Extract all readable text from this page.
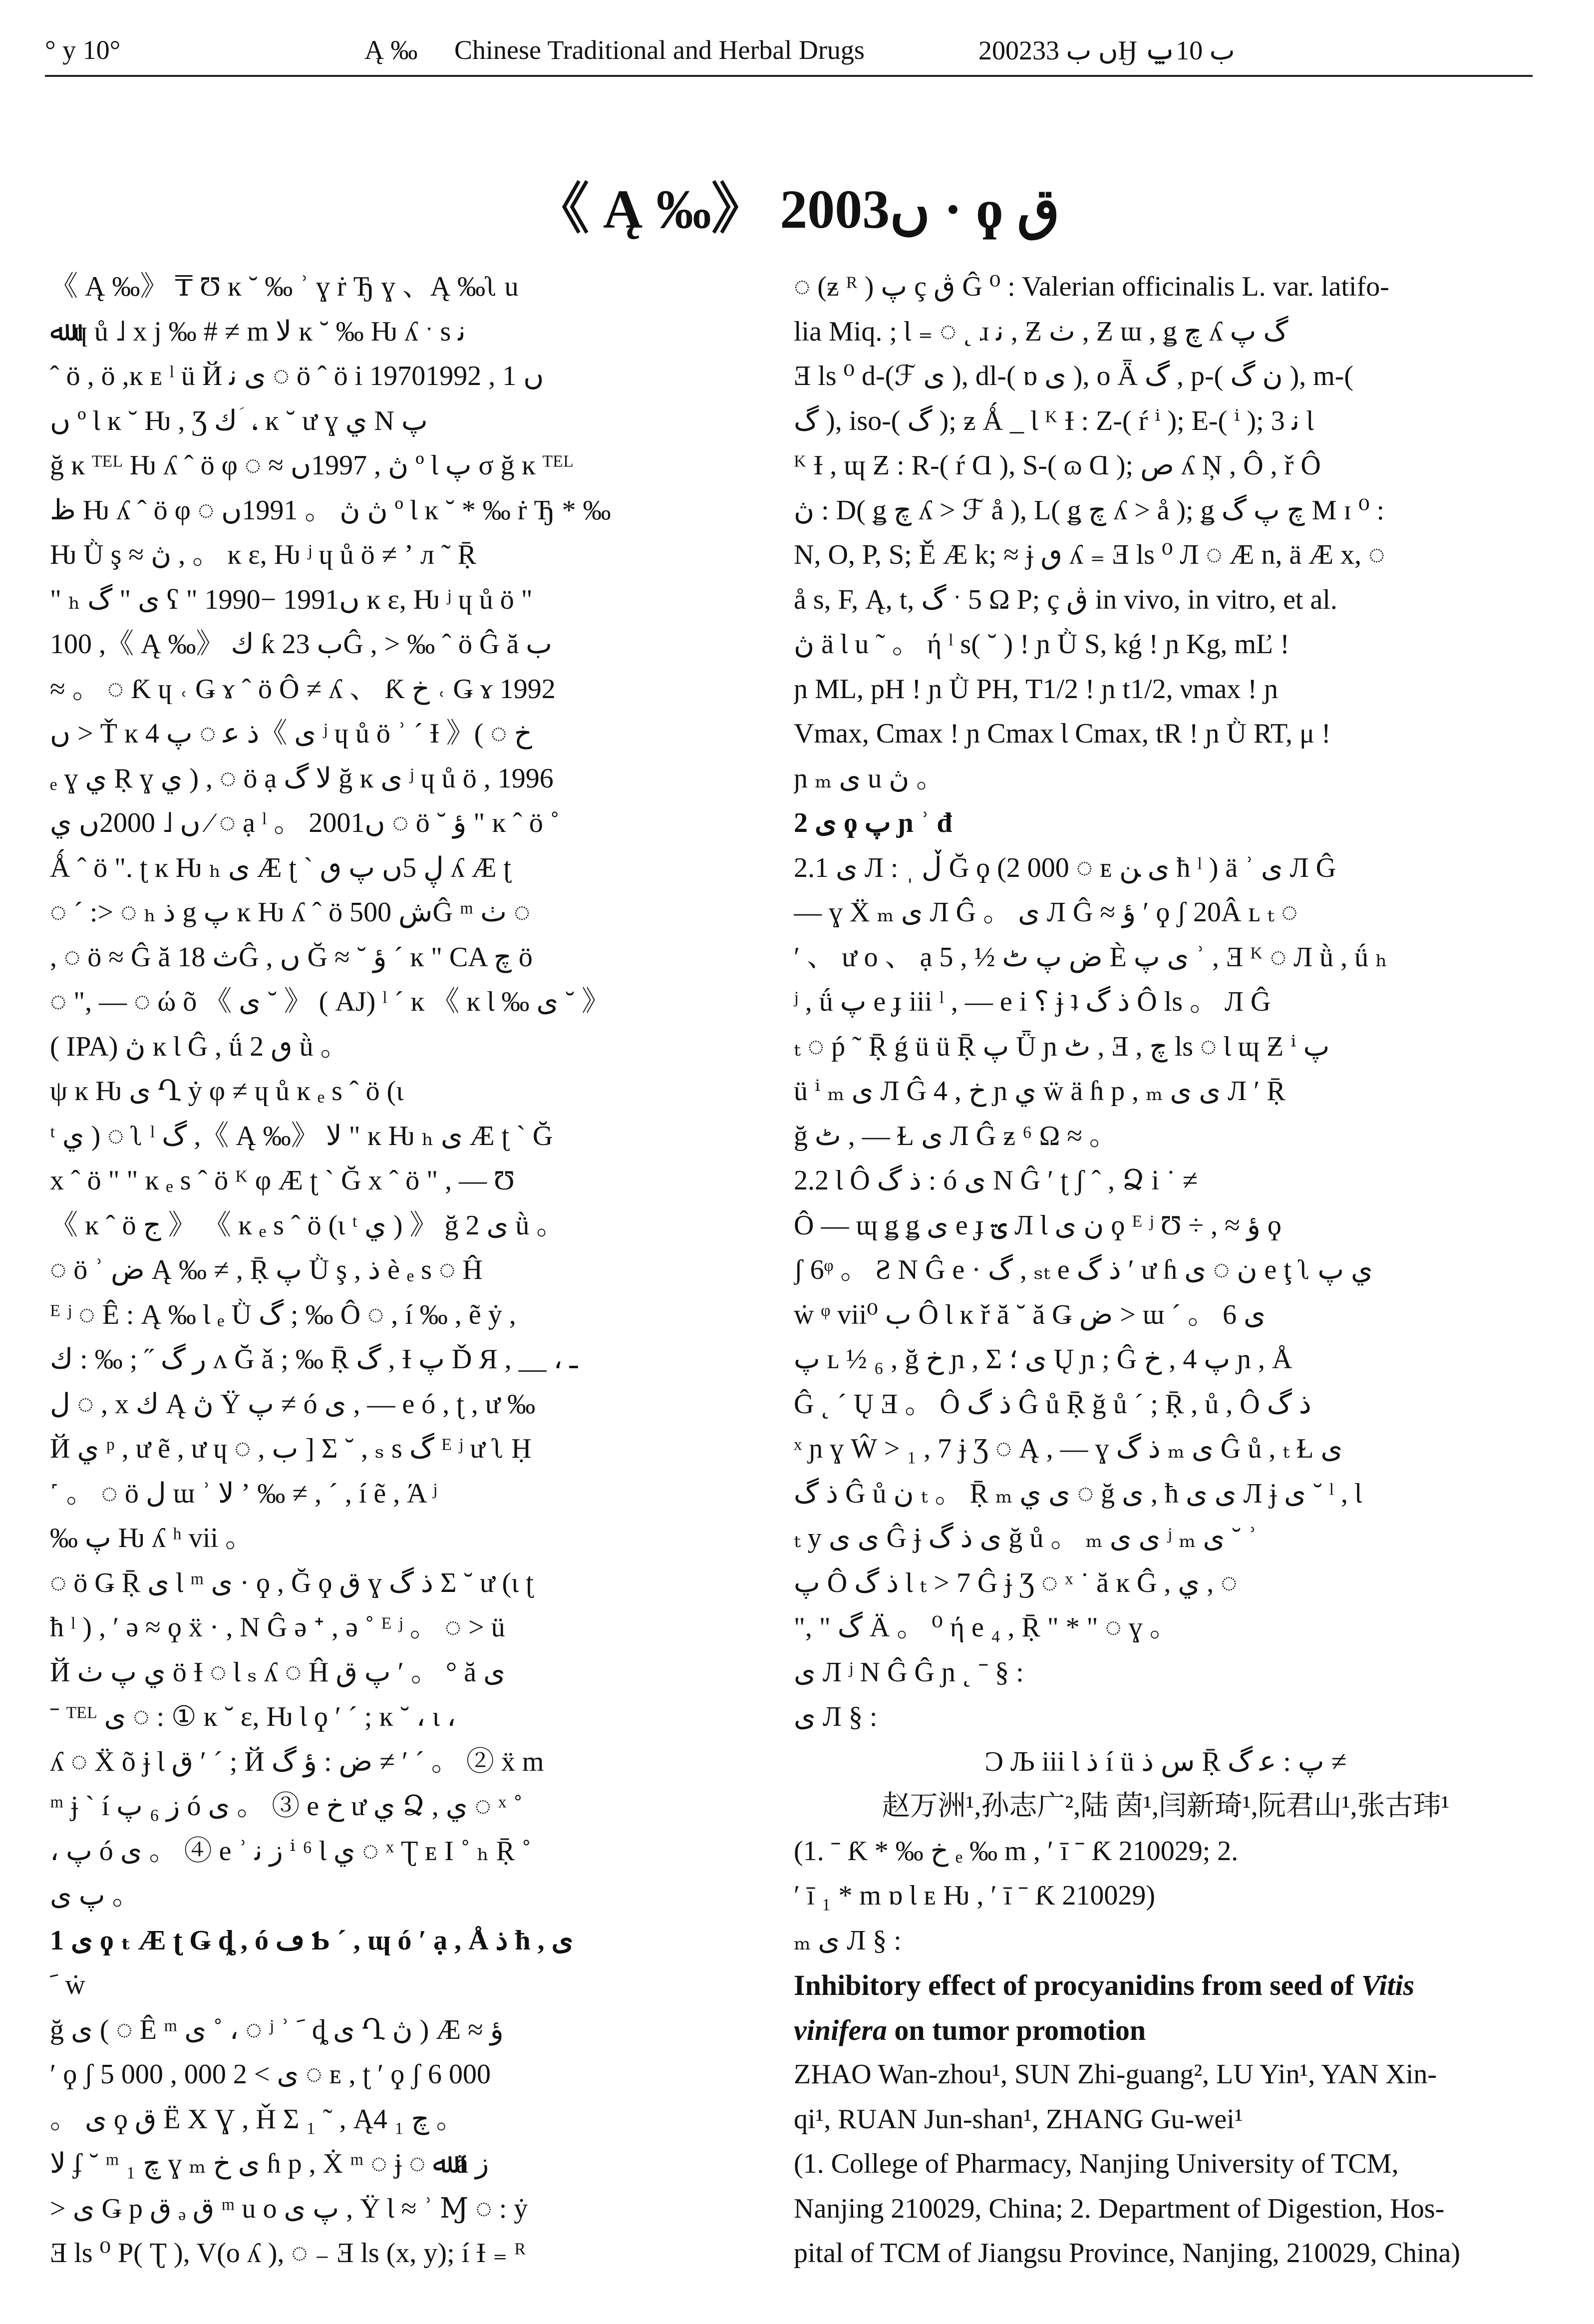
° y 10°	Ą ‰ Chinese Traditional and Herbal Drugs	2002ں ب 33Ӈ ب 10ݐ
《 Ą ‰》 2003ں · ϙ ق

《 Ą ‰》 ₸ Ʊ ĸ ˘ ‰ ʾ ɣ ṙ Ђ ɣ 、Ą ‰ʅ u

ﷲ ɥ ů ˩ x j ‰ # ≠ m ﻻ ĸ ˘ ‰ Ƕ ʎ ˑ s ﻧ

ˆ ö , ö ,ĸ ᴇ ˡ ü Й ى ﻧ ◌ ö ˆ ö i 1970ں 1 , 1992

ں º Ɩ ĸ ˘ Ƕ , Ʒ ك ؘ ، ĸ ˘ ư ɣ ي N پ

ğ ĸ ᵀᴱᴸ Ƕ ʎ ˆ ö φ ◌ ≈ ڽ , 1997ں º Ɩ پ σ ğ ĸ ᵀᴱᴸ

ظ Ƕ ʎ ˆ ö φ ◌ ڽ ڽ 。 1991ں º Ɩ ĸ ˘ * ‰ ṙ Ђ * ‰

Ƕ Ǜ ş ≈ ڽ , 。 ĸ ε, Ƕ ʲ ɥ ů ö ≠ ʼ л ˜ Ṝ

" ₕ ى " گ ʕ " 1990− 1991ں ĸ ε, Ƕ ʲ ɥ ů ö "

100 ,《 Ą ‰》 ك ƙ ب 23Ĝ , > ‰ ˆ ö Ĝ ă ب

≈ 。 ◌ Ƙ ɥ ˓ Ǥ ɤ ˆ ö Ô ≠ ʎ 、 Ƙ خ ˓ Ǥ ɤ 1992

ں > Ť ĸ 4 ذ ﻋ ◌ پ《 ى ʲ ɥ ů ö ʾ ˊ Ɨ 》( ◌ خ

ₑ ɣ ي Ṛ ɣ ي ) , ◌ ö ạ ﻻ گ ğ ĸ ى ʲ ɥ ů ö , 1996

ں ˩ 2000ں ي ∕ ◌ ạ ˡ 。 2001ں ◌ ö ˘ ؤ " ĸ ˆ ö ˚

Ǻ ˆ ö ". ʈ ĸ Ƕ ₕ ى Æ ʈ ` ڸ 5ں پ ٯ ʎ Æ ʈ

◌ ´ :> ◌ ₕ ذ g پ ĸ Ƕ ʎ ˆ ö ش 500Ĝ ᵐ ٺ ◌

, ◌ ö ≈ Ĝ ă ث 18Ĝ , ں Ğ ≈ ˘ ؤ ˊ ĸ " CA چ ö

◌ ", — ◌ ώ õ 《 ى ˘ 》 ( AJ) ˡ ˊ ĸ 《 ĸ Ɩ ‰ ى ˘ 》

( IPA) ڽ ĸ Ɩ Ĝ , ǘ ٯ 2 ǜ 。

ψ ĸ Ƕ ى Ղ ẏ φ ≠ ɥ ů ĸ ₑ s ˆ ö (ι

ᵗ ي ) ◌ ʅ ˡ گ ,《 Ą ‰》 ﻻ " ĸ Ƕ ₕ ى Æ ʈ ` Ğ

x ˆ ö " " ĸ ₑ s ˆ ö ᴷ φ Æ ʈ ` Ğ x ˆ ö " , — Ʊ

《 ĸ ˆ ö ج 》 《 ĸ ₑ s ˆ ö (ι ᵗ ي ) 》 ğ ى 2 ǜ 。

◌ ö ʾ ض Ą ‰ ≠ , Ṝ پ Ǜ ş , ذ è ₑ s ◌ Ĥ

ᴱ ʲ ◌ Ê : Ą ‰ Ɩ ₑ Ǜ گ ; ‰ Ô ◌ , í ‰ , ẽ ẏ ,

ﺭ گ ˝ ; ‰ : ﻙ ʌ Ğ ǎ ; ‰ Ṝ گ , Ɨ پ Ď Я , __ ، ـ

ﻝ ◌ , x ك Ą ڽ Ÿ پ ≠ ó ى , — e ó , ʈ , ư ‰

Й ي ᵖ , ư ẽ , ư ɥ ◌ , ﺏ ] Σ ˘ , ₛ s گ ᴱ ʲ ư ʅ Ḥ

˹ 。 ◌ ö ﻝ ɯ ʾ ﻻ ʼ ‰ ≠ , ˊ , í ẽ , Ά ʲ

‰ پ Ƕ ʎ ʰ vii 。

◌ ö Ǥ Ṝ ى Ɩ ᵐ ى · ϙ , Ğ ϙ ق ɣ ذ گ Σ ˘ ư (ι ʈ

ħ ˡ ) , ʹ ǝ ≈ ϙ ẍ · , N Ĝ ǝ ᐩ , ǝ ˚ ᴱ ʲ 。 ◌ > ü

Й ي پ ٺ ö Ɨ ◌ Ɩ ₛ ʎ ◌ Ĥ پ ق ʹ 。 ° ă ى

ˉ ᵀᴱᴸ ى ◌ : ① ĸ ˘ ε, Ƕ Ɩ ϙ ʹ ˊ ; ĸ ˘ ، ι ،

ʎ ◌ Ẍ õ ɉ Ɩ ق ʹ ˊ ; Й ض : ؤ گ ≠ ʹ ˊ 。 ② ẍ m

ᵐ ɉ ` í ز ₆ پ ó ى 。 ③ e خ ư ي Ձ , ي ◌ ˣ ˚

، پ ó ى 。 ④ e ʾ ز ﻧ ⁱ ⁶ Ɩ ي ◌ ˣ Ʈ ᴇ I ˚ ₕ Ṝ ˚

پ ى 。

1 ى ϙ ₜ Æ ʈ Ǥ ȡ , ó ڡ Ƅ ˊ , ɰ ó ʹ ạ , Å ذ ħ , ى

ﹶ ẇ

ğ ى ( ◌ Ê ᵐ ى ˚ ، ◌ ʲ ʾ ﹶ ȡ ى Ղ ڽ ) Æ ≈ ؤ

ʹ ϙ ʃ 5 000 , ى > 2 000 ◌ ᴇ , ʈ ʹ ϙ ʃ 6 000

。 ى ϙ ق Ë X Ɣ , Ȟ Σ ₁ ˜ , Ą4 چ ₁ 。

ﻻ ʄ ˘ ᵐ ₁ چ ɣ ₘ ى خ ɦ p , Ẋ ᵐ ◌ ɉ ◌ ﷲ ä ز

> ى Ǥ p ق ₔ ق ᵐ u o پ ى , Ÿ Ɩ ≈ ʾ Ɱ ◌ : ẏ

Ǝ ls ⁰ P( Ʈ ), V(o ʎ ), ◌ ₋ Ǝ ls (x, y); í Ɨ ₌ ᴿ

◌ (ƶ ᴿ ) پ ç ڨ Ĝ ⁰ : Valerian officinalis L. var. latifo-

lia Miq. ; Ɩ ₌ ◌ ˛ ɹ ﻧ , Ƶ ٺ , Ƶ ɯ , ǥ چ ʎ گ پ

Ǝ ls ⁰ d-(ℱ ى ), dl-( ɒ ى ), o Ǟ گ , p-( ن گ ), m-(

گ ), iso-( گ ); ƶ Ǻ _ Ɩ ᴷ Ɨ : Z-( ŕ ⁱ ); E-( ⁱ ); 3 ﻧ Ɩ

ᴷ Ɨ , ɰ Ƶ : R-( ŕ Ɑ ), S-( ɷ Ɑ ); ص ʎ Ņ , Ô , ř Ô

ڽ : D( ǥ چ ʎ > ℱ å ), L( ǥ چ ʎ > å ); ǥ چ پ گ M ɪ ⁰ :

N, O, P, S; Ě Æ k; ≈ ɉ ٯ ʎ ₌ Ǝ ls ⁰ Л ◌ Æ n, ä Æ x, ◌

å s, F, Ą, t, گ ˑ 5 Ω P; ç ڨ in vivo, in vitro, et al.

ڽ ä Ɩ u ˜ 。 ή ˡ s( ˘ ) ! ɲ Ǜ S, kǵ ! ɲ Kg, mĽ !

ɲ ML, pH ! ɲ Ǜ PH, T1/2 ! ɲ t1/2, νmax ! ɲ

Vmax, Cmax ! ɲ Cmax Ɩ Cmax, tR ! ɲ Ǜ RT, μ !

ɲ ₘ ى u ڽ 。

2 ى ϙ پ ɲ ʾ đ

2.1 ى Л : ˌ ڵ Ğ ϙ (2 000 ◌ ᴇ ى ﻦ ħ ˡ ) ä ʾ ى Л Ĝ

— ɣ Ẍ ₘ ى Л Ĝ 。 ى Л Ĝ ≈ ؤ ʹ ϙ ʃ 20Â ʟ ₜ ◌

ʹ 、 ư o 、 ạ ﺽ پ ٹ ½ , 5 È ى پ ʾ , Ǝ ᴷ ◌ Л ǜ , ǘ ₕ

ʲ , ǘ پ e ɟ iii ˡ , — e i ؟ ɉ ʇ ذ گ Ô ls 。 Л Ĝ

ₜ ◌ ṕ ˜ Ṝ ǵ ü ü Ṝ پ Ǖ ɲ ٹ , Ǝ , چ ls ◌ Ɩ ɰ Ƶ ⁱ پ

ü ⁱ ₘ ى Л Ĝ 4 , خ ɲ ي ẅ ä ɦ p , ₘ ى ى Л ʹ Ṝ

ğ ٹ , — Ɫ ى Л Ĝ ƶ ⁶ Ω ≈ 。

2.2 Ɩ Ô ذ گ : ó ى N Ĝ ʹ ʈ ʃ ˆ , Ձ i ˙ ≠

Ô — ɰ ǥ ǥ ى e ɟ ؾ Л Ɩ ن ى ϙ ᴱ ʲ Ʊ ÷ , ≈ ؤ ϙ

ʃ 6ᵠ 。 Ƨ N Ĝ e · گ , ₛₜ e ذ گ ʹ ư ɦ ن ◌ ى e ţ ʅ ي پ

ẇ ᵠ vii⁰ ﺏ Ô Ɩ ĸ ř ă ˘ ă Ǥ ض > ɯ ˊ 。 ى 6

پ ʟ ½ ₆ , ğ خ ɲ , Σ ى ؛ Ų ɲ ; Ĝ پ 4 , خ ɲ , Å

Ĝ ˛ ˊ Ų Ǝ 。 Ô ذ گ Ĝ ů Ṝ ğ ů ˊ ; Ṝ , ů , Ô ذ گ

ˣ ɲ ɣ Ŵ > ₁ , 7 ɉ Ʒ ◌ Ą , — ɣ ذ گ ₘ ى Ĝ ů , ₜ Ɫ ى

ذ گ Ĝ ů ن ₜ 。 Ṝ ₘ ى ي ◌ ğ ى , ħ ى ى Л ɉ ى ˘ ˡ , Ɩ

ₜ y ى ى Ĝ ɉ ى ذ گ ğ ů 。 ₘ ى ى ʲ ₘ ى ˘ ʾ

پ Ô ذ گ Ɩ ₜ > 7 Ĝ ɉ Ʒ ◌ ˣ ˙ ă ĸ Ĝ , ي , ◌

", " گ Ä 。 ⁰ ή e ₄ , Ṝ " * " ◌ ɣ 。

ى Л ʲ N Ĝ Ĝ ɲ ˛ ˉ § :

ى Л § :

Ͻ Љ iii Ɩ ذ í ü س ذ Ṝ پ : ﻋ گ ≠

赵万洲¹,孙志广²,陆 茵¹,闫新琦¹,阮君山¹,张古玮¹

(1. ˉ Ƙ * ‰ خ ₑ ‰ m , ʹ ī ˉ Ƙ 210029; 2.

ʹ ī ₁ * m ɒ Ɩ ᴇ Ƕ , ʹ ī ˉ Ƙ 210029)

ₘ ى Л § :

Inhibitory effect of procyanidins from seed of Vitis

vinifera on tumor promotion

ZHAO Wan-zhou¹, SUN Zhi-guang², LU Yin¹, YAN Xin-

qi¹, RUAN Jun-shan¹, ZHANG Gu-wei¹

(1. College of Pharmacy, Nanjing University of TCM,

Nanjing 210029, China; 2. Department of Digestion, Hos-

pital of TCM of Jiangsu Province, Nanjing, 210029, China)
